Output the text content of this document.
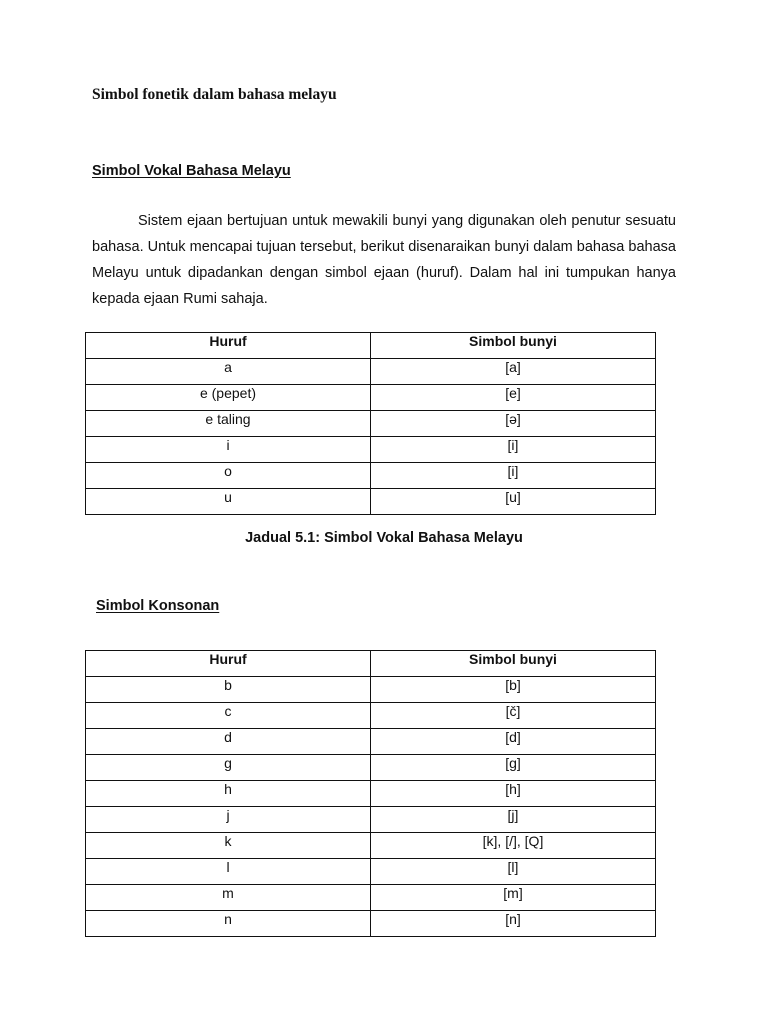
Simbol fonetik dalam bahasa melayu
Simbol Vokal Bahasa Melayu

Sistem ejaan bertujuan untuk mewakili bunyi yang digunakan oleh penutur sesuatu bahasa. Untuk mencapai tujuan tersebut, berikut disenaraikan bunyi dalam bahasa bahasa Melayu untuk dipadankan dengan simbol ejaan (huruf). Dalam hal ini tumpukan hanya kepada ejaan Rumi sahaja.

Huruf	Simbol bunyi
a	[a]
e (pepet)	[e]
e taling	[ə]
i	[i]
o	[i]
u	[u]

Jadual 5.1: Simbol Vokal Bahasa Melayu

Simbol Konsonan
Huruf	Simbol bunyi
b	[b]
c	[č]
d	[d]
g	[g]
h	[h]
j	[j]
k	[k], [/], [Q]
l	[l]
m	[m]
n	[n]
